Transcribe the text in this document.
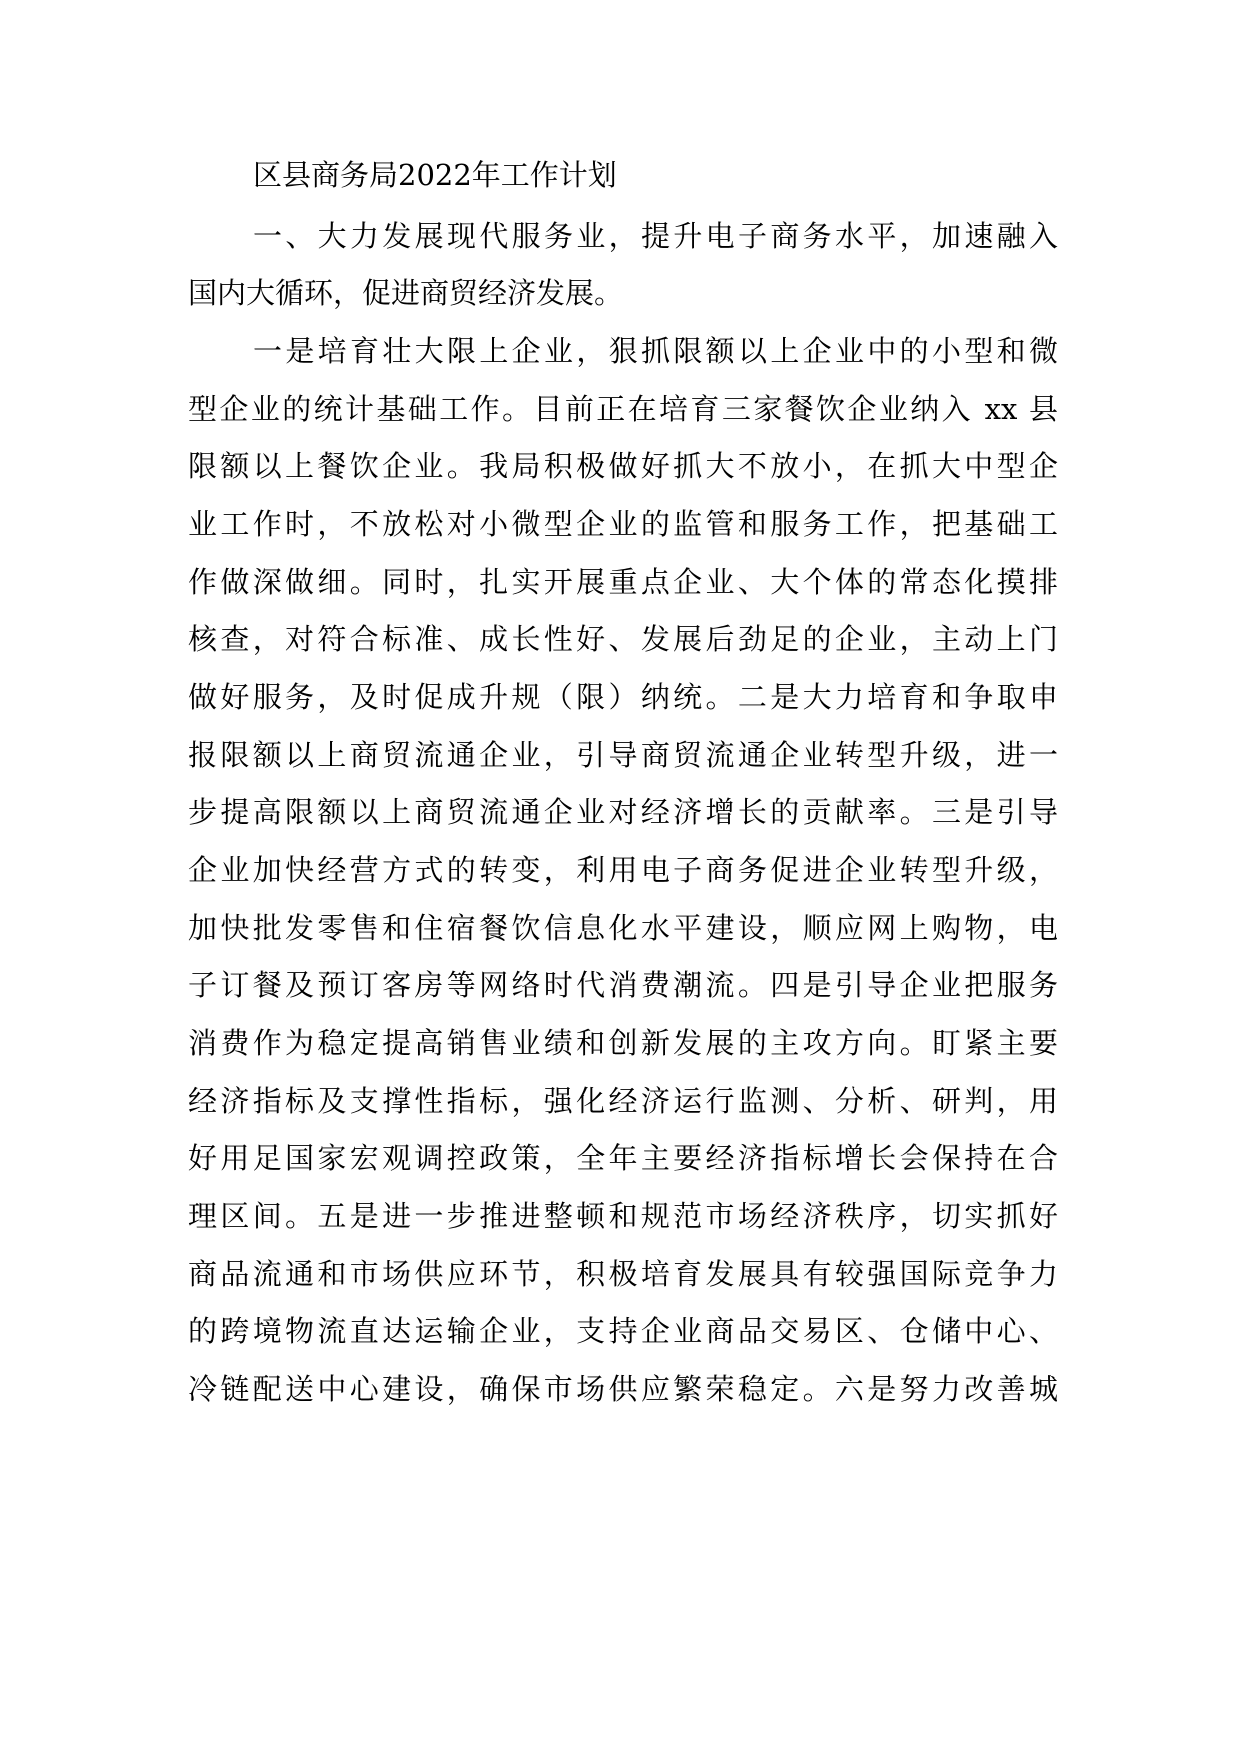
区县商务局2022年工作计划
一、大力发展现代服务业，提升电子商务水平，加速融入
国内大循环，促进商贸经济发展。
一是培育壮大限上企业，狠抓限额以上企业中的小型和微
型企业的统计基础工作。目前正在培育三家餐饮企业纳入 xx 县
限额以上餐饮企业。我局积极做好抓大不放小，在抓大中型企
业工作时，不放松对小微型企业的监管和服务工作，把基础工
作做深做细。同时，扎实开展重点企业、大个体的常态化摸排
核查，对符合标准、成长性好、发展后劲足的企业，主动上门
做好服务，及时促成升规（限）纳统。二是大力培育和争取申
报限额以上商贸流通企业，引导商贸流通企业转型升级，进一
步提高限额以上商贸流通企业对经济增长的贡献率。三是引导
企业加快经营方式的转变，利用电子商务促进企业转型升级，
加快批发零售和住宿餐饮信息化水平建设，顺应网上购物，电
子订餐及预订客房等网络时代消费潮流。四是引导企业把服务
消费作为稳定提高销售业绩和创新发展的主攻方向。盯紧主要
经济指标及支撑性指标，强化经济运行监测、分析、研判，用
好用足国家宏观调控政策，全年主要经济指标增长会保持在合
理区间。五是进一步推进整顿和规范市场经济秩序，切实抓好
商品流通和市场供应环节，积极培育发展具有较强国际竞争力
的跨境物流直达运输企业，支持企业商品交易区、仓储中心、
冷链配送中心建设，确保市场供应繁荣稳定。六是努力改善城
